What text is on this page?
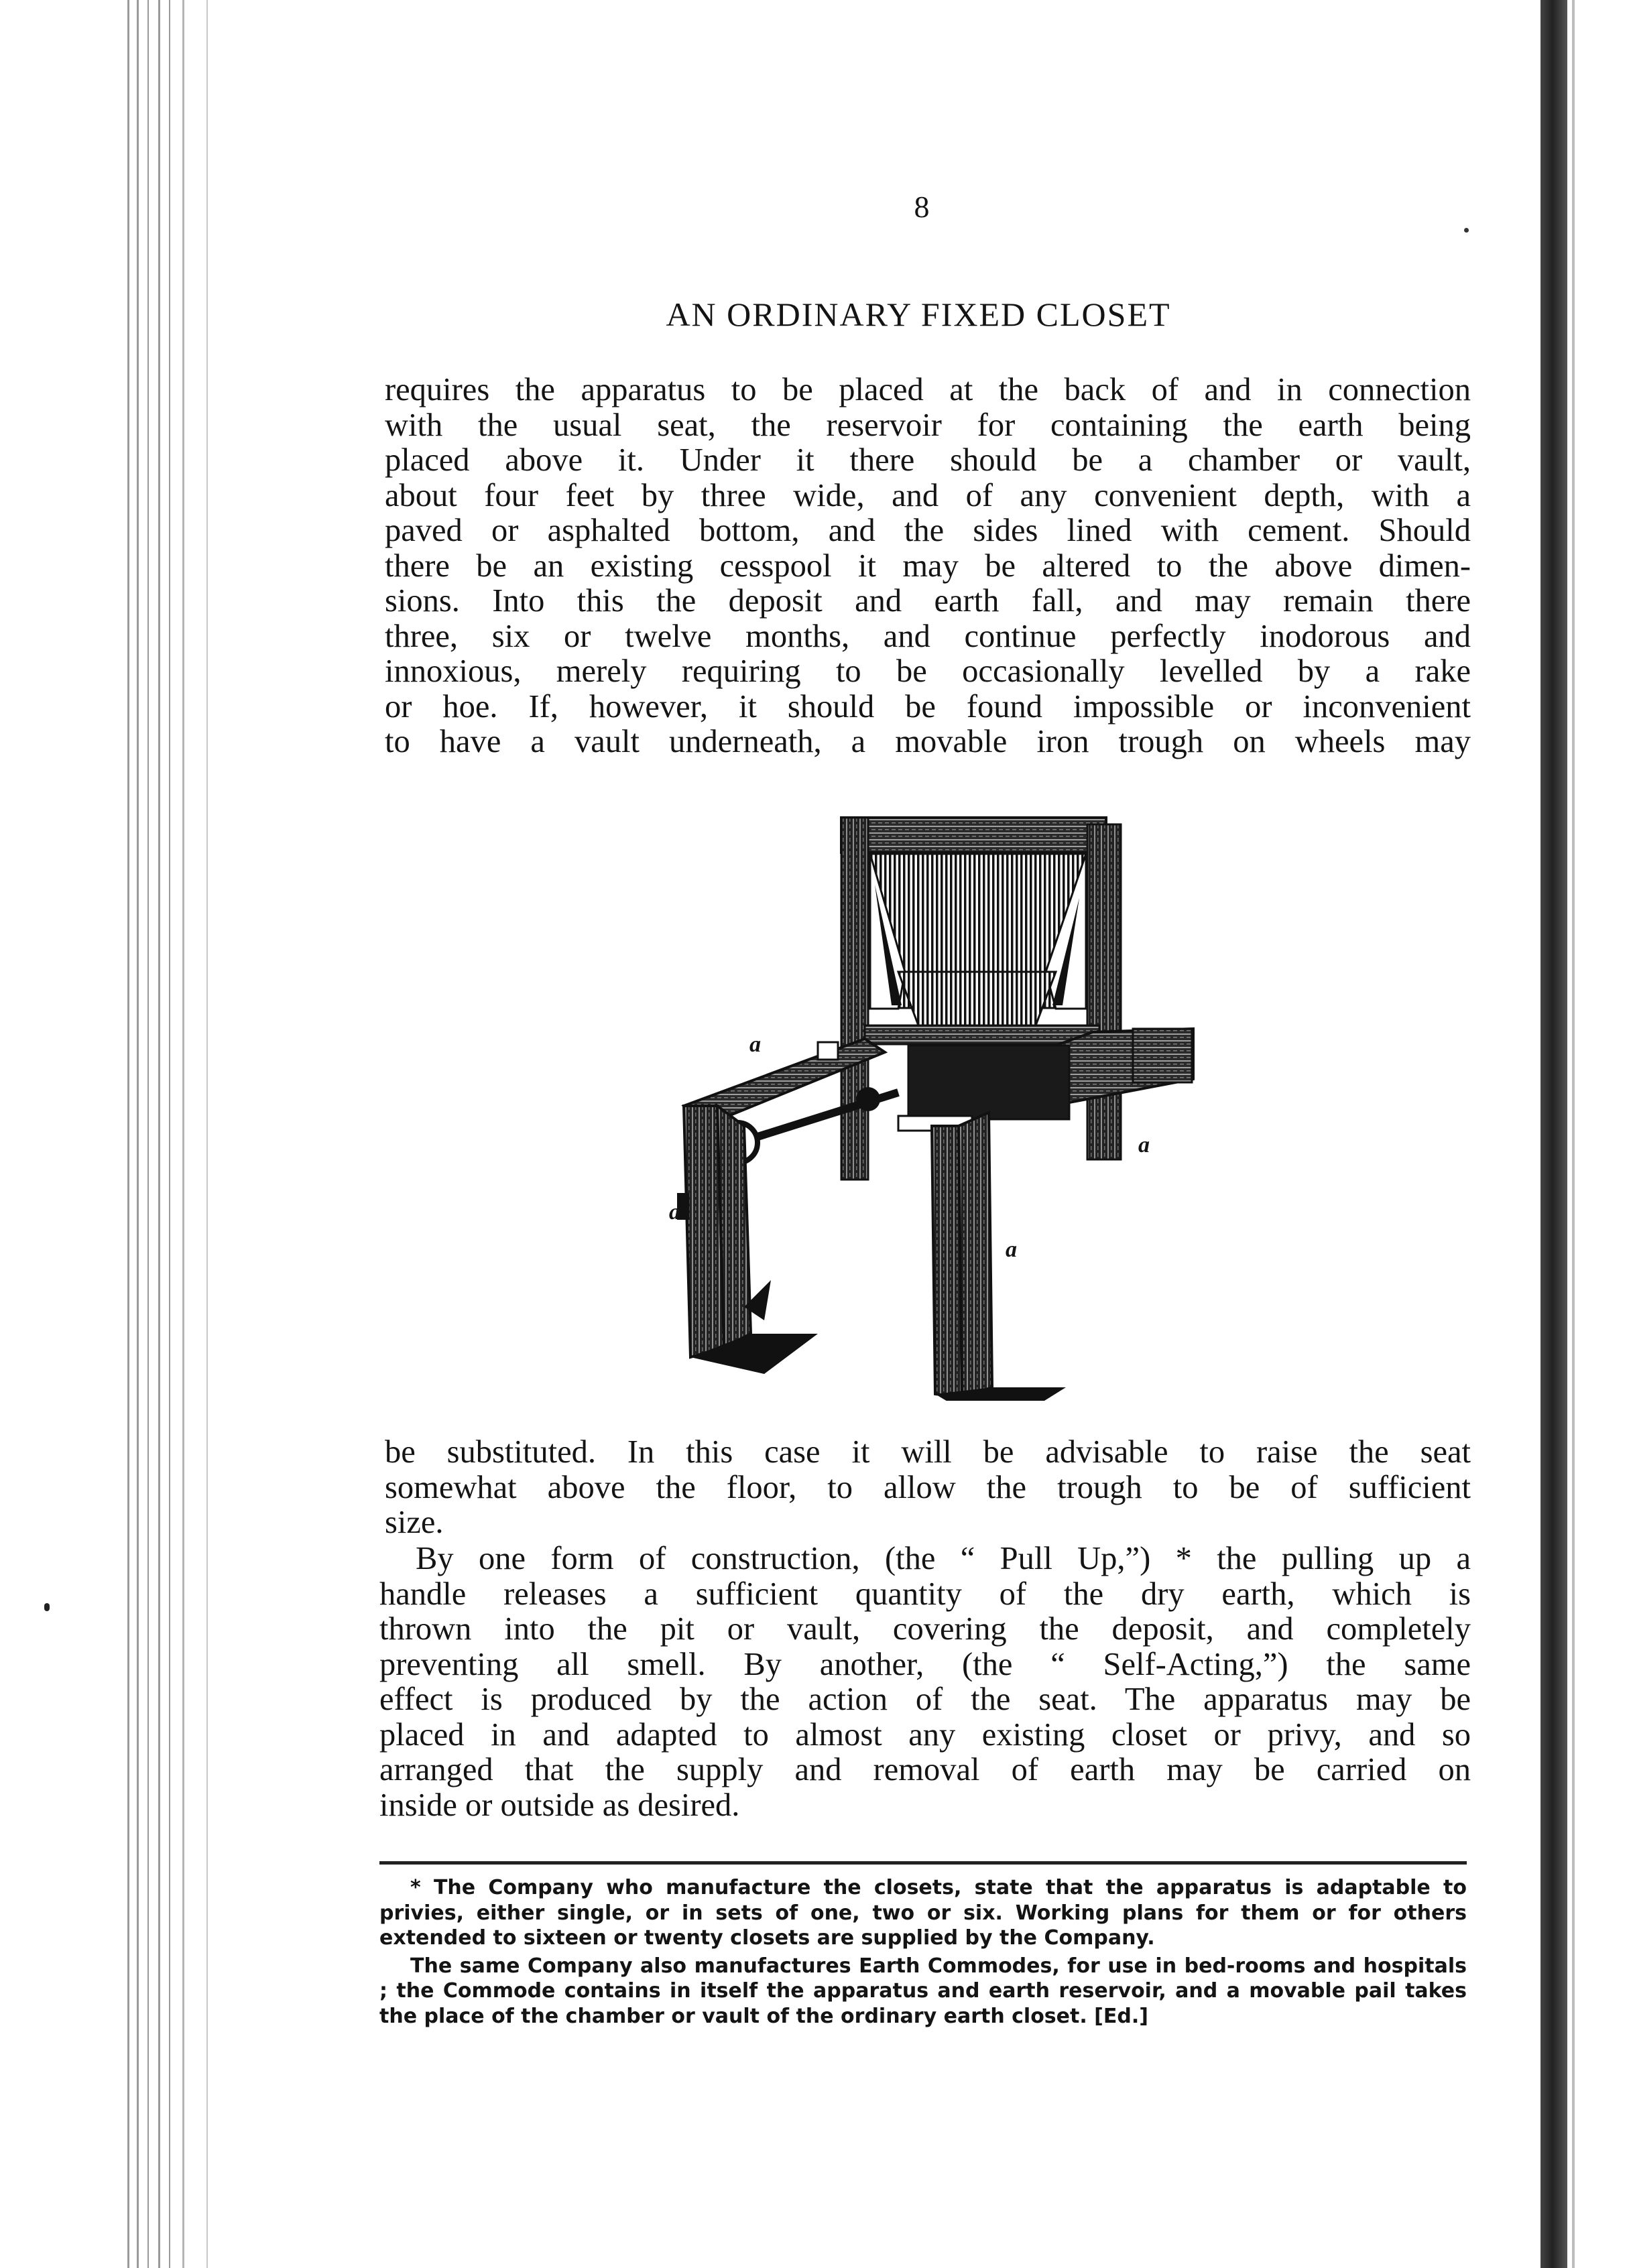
8
AN ORDINARY FIXED CLOSET
requires the apparatus to be placed at the back of and in connection
with the usual seat, the reservoir for containing the earth being
placed above it. Under it there should be a chamber or vault,
about four feet by three wide, and of any convenient depth, with a
paved or asphalted bottom, and the sides lined with cement. Should
there be an existing cesspool it may be altered to the above dimen-
sions. Into this the deposit and earth fall, and may remain there
three, six or twelve months, and continue perfectly inodorous and
innoxious, merely requiring to be occasionally levelled by a rake
or hoe. If, however, it should be found impossible or inconvenient
to have a vault underneath, a movable iron trough on wheels may
a
a
a
a
be substituted. In this case it will be advisable to raise the seat
somewhat above the floor, to allow the trough to be of sufficient
size.
By one form of construction, (the “ Pull Up,”) * the pulling up a
handle releases a sufficient quantity of the dry earth, which is
thrown into the pit or vault, covering the deposit, and completely
preventing all smell. By another, (the “ Self-Acting,”) the same
effect is produced by the action of the seat. The apparatus may be
placed in and adapted to almost any existing closet or privy, and so
arranged that the supply and removal of earth may be carried on
inside or outside as desired.

* The Company who manufacture the closets, state that the apparatus is adaptable to privies, either single, or in sets of one, two or six. Working plans for them or for others extended to sixteen or twenty closets are supplied by the Company.

The same Company also manufactures Earth Commodes, for use in bed-rooms and hospitals ; the Commode contains in itself the apparatus and earth reservoir, and a movable pail takes the place of the chamber or vault of the ordinary earth closet. [Ed.]
